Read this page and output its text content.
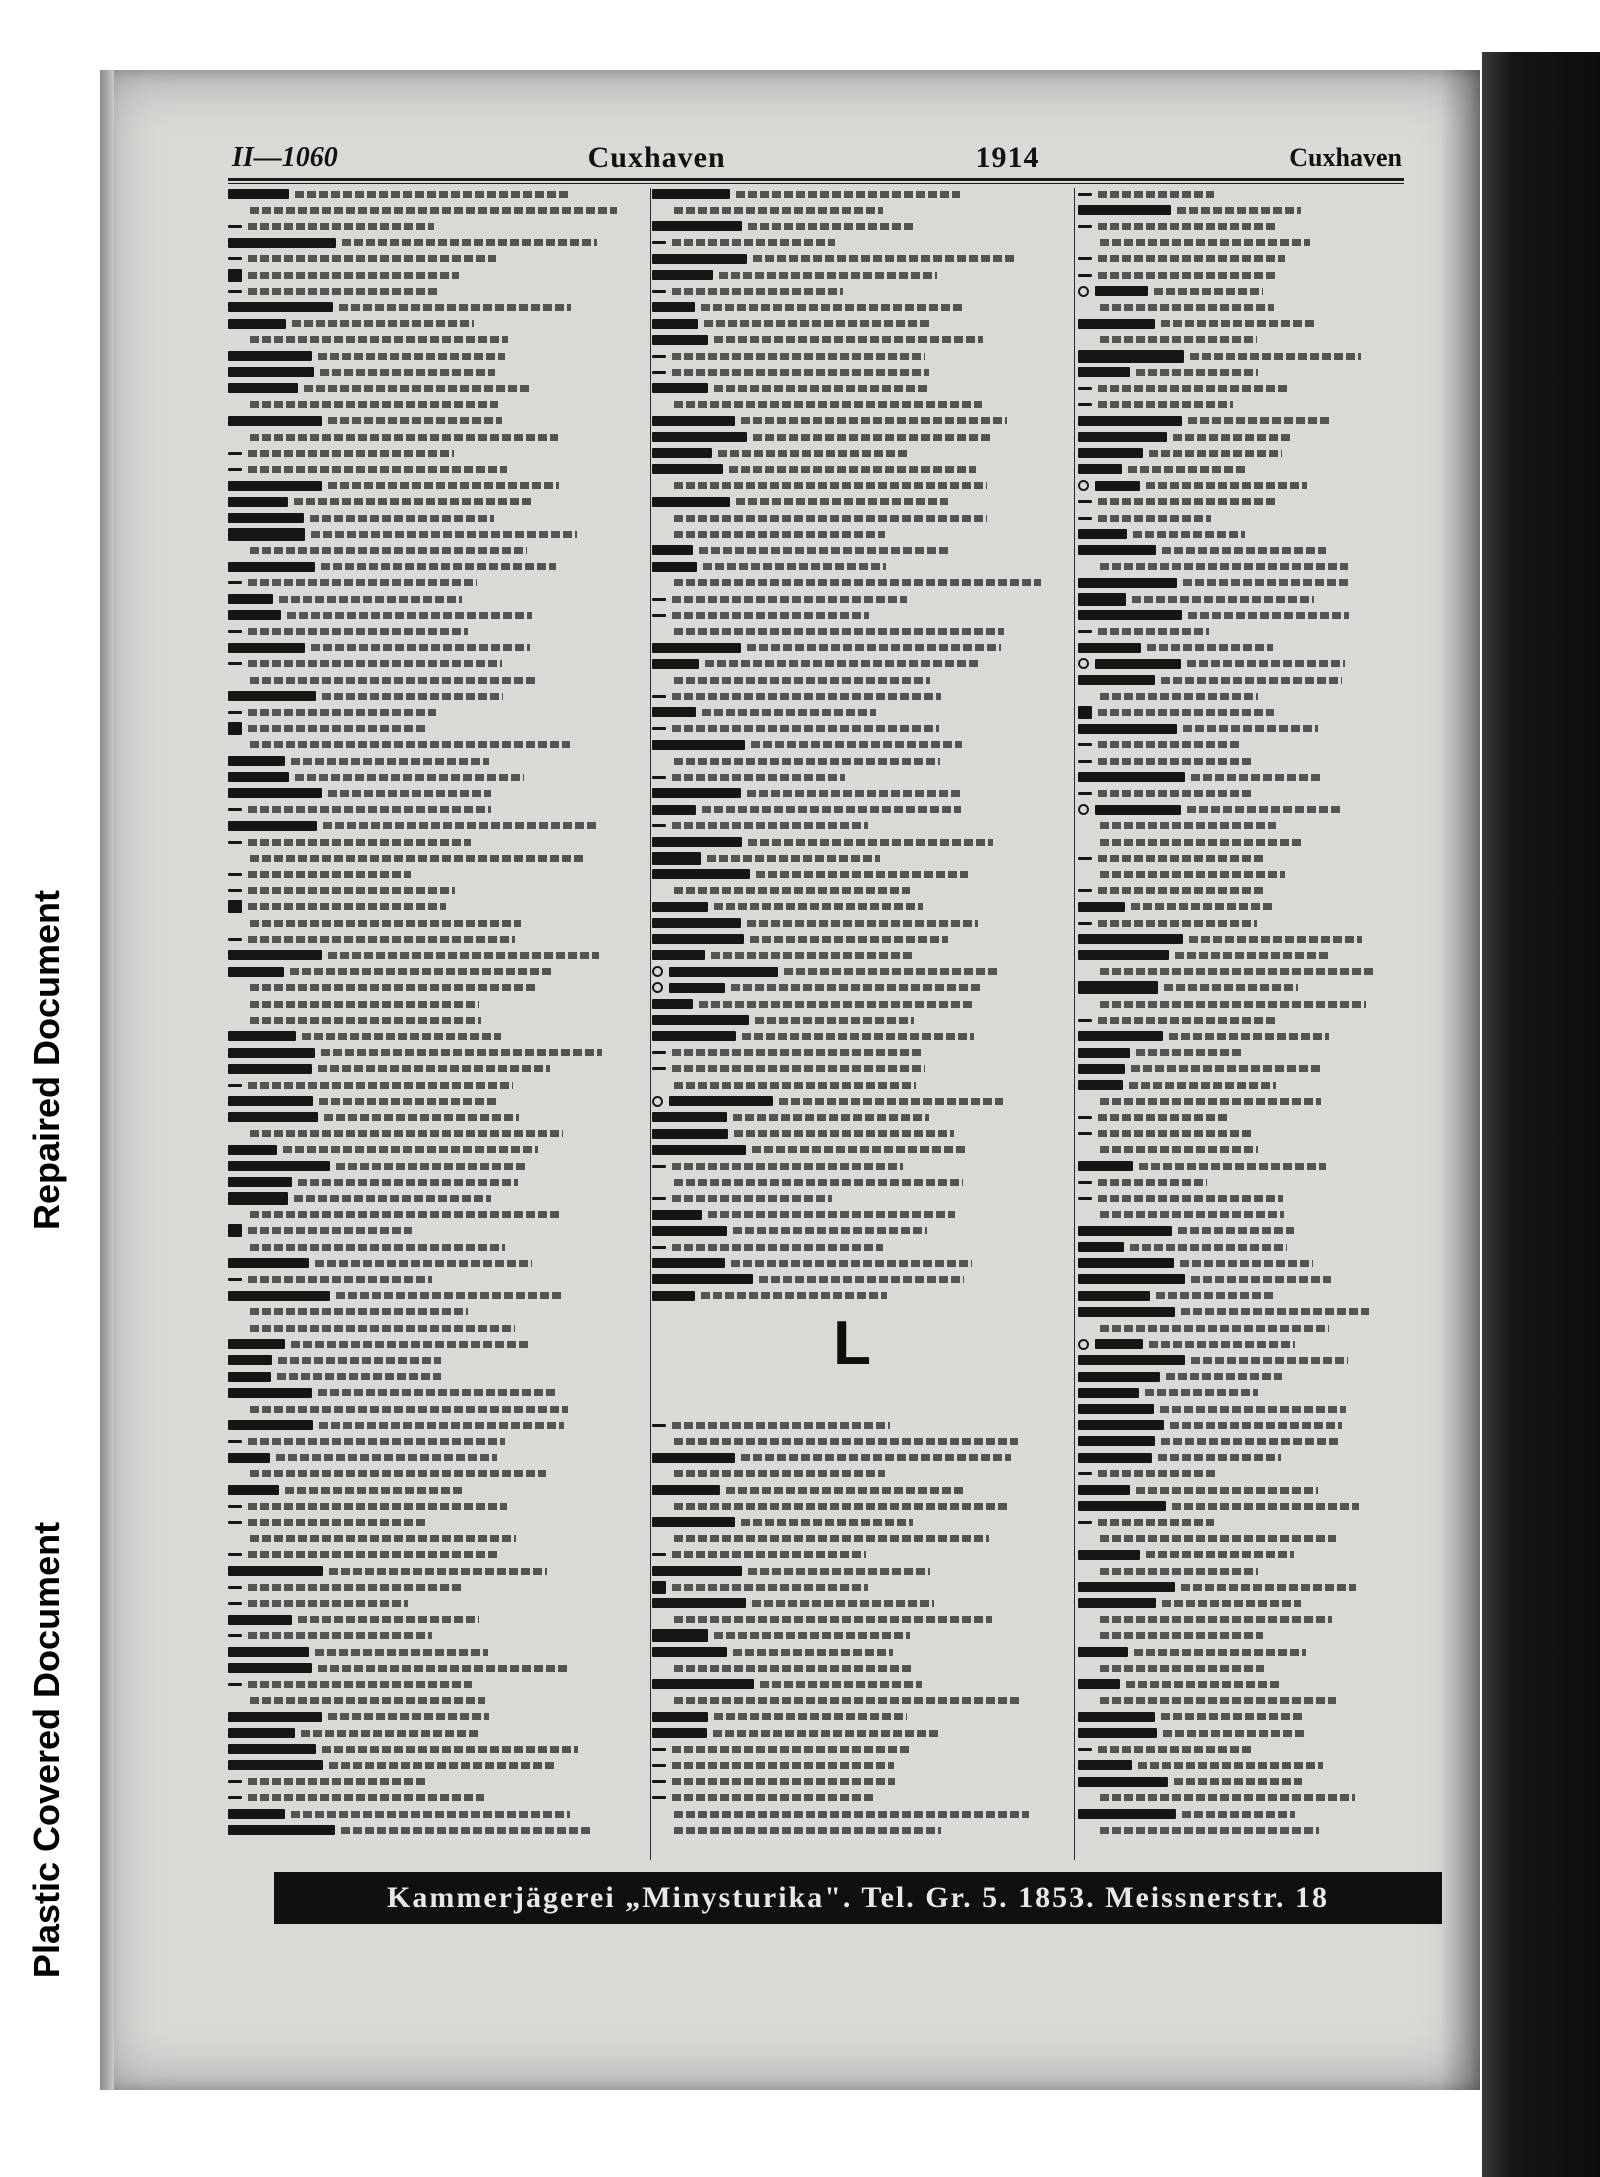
Repaired Document
Plastic Covered Document
II—1060	Cuxhaven	1914	Cuxhaven
L
Kammerjägerei „Minysturika". Tel. Gr. 5. 1853. Meissnerstr. 18
